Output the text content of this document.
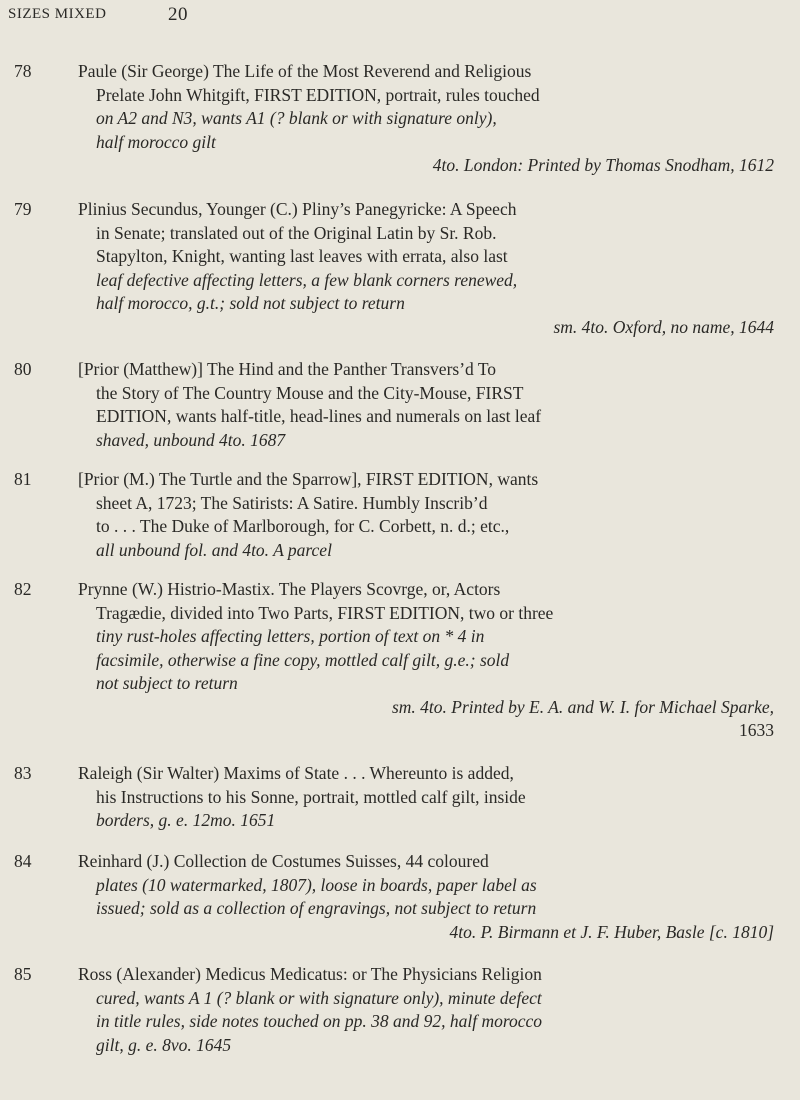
SIZES MIXED	20
78	Paule (Sir George) The Life of the Most Reverend and Religious
Prelate John Whitgift, FIRST EDITION, portrait, rules touched
on A2 and N3, wants A1 (? blank or with signature only),
half morocco gilt
4to. London: Printed by Thomas Snodham, 1612
79	Plinius Secundus, Younger (C.) Pliny’s Panegyricke: A Speech
in Senate; translated out of the Original Latin by Sr. Rob.
Stapylton, Knight, wanting last leaves with errata, also last
leaf defective affecting letters, a few blank corners renewed,
half morocco, g.t.; sold not subject to return
sm. 4to. Oxford, no name, 1644
80	[Prior (Matthew)] The Hind and the Panther Transvers’d To
the Story of The Country Mouse and the City-Mouse, FIRST
EDITION, wants half-title, head-lines and numerals on last leaf
shaved, unbound 4to. 1687
81	[Prior (M.) The Turtle and the Sparrow], FIRST EDITION, wants
sheet A, 1723; The Satirists: A Satire. Humbly Inscrib’d
to . . . The Duke of Marlborough, for C. Corbett, n. d.; etc.,
all unbound fol. and 4to. A parcel
82	Prynne (W.) Histrio-Mastix. The Players Scovrge, or, Actors
Tragædie, divided into Two Parts, FIRST EDITION, two or three
tiny rust-holes affecting letters, portion of text on * 4 in
facsimile, otherwise a fine copy, mottled calf gilt, g.e.; sold
not subject to return
sm. 4to. Printed by E. A. and W. I. for Michael Sparke,
1633
83	Raleigh (Sir Walter) Maxims of State . . . Whereunto is added,
his Instructions to his Sonne, portrait, mottled calf gilt, inside
borders, g. e. 12mo. 1651
84	Reinhard (J.) Collection de Costumes Suisses, 44 coloured
plates (10 watermarked, 1807), loose in boards, paper label as
issued; sold as a collection of engravings, not subject to return
4to. P. Birmann et J. F. Huber, Basle [c. 1810]
85	Ross (Alexander) Medicus Medicatus: or The Physicians Religion
cured, wants A 1 (? blank or with signature only), minute defect
in title rules, side notes touched on pp. 38 and 92, half morocco
gilt, g. e. 8vo. 1645
